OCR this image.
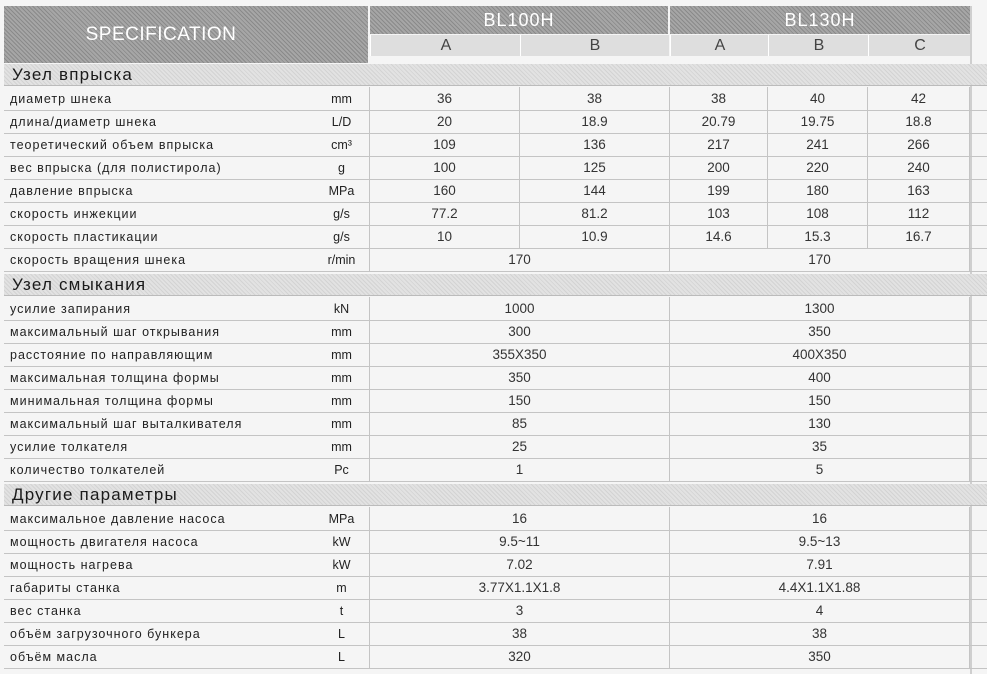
SPECIFICATION
BL100H	BL130H
A	B	A	B	C
Узел впрыска
диаметр шнека	mm	36	38	38	40	42
длина/диаметр шнека	L/D	20	18.9	20.79	19.75	18.8
теоретический объем впрыска	cm³	109	136	217	241	266
вес впрыска (для полистирола)	g	100	125	200	220	240
давление впрыска	MPa	160	144	199	180	163
скорость инжекции	g/s	77.2	81.2	103	108	112
скорость пластикации	g/s	10	10.9	14.6	15.3	16.7
скорость вращения шнека	r/min	170	170
Узел смыкания
усилие запирания	kN	1000	1300
максимальный шаг открывания	mm	300	350
расстояние по направляющим	mm	355X350	400X350
максимальная толщина формы	mm	350	400
минимальная толщина формы	mm	150	150
максимальный шаг выталкивателя	mm	85	130
усилие толкателя	mm	25	35
количество толкателей	Pc	1	5
Другие параметры
максимальное давление насоса	MPa	16	16
мощность двигателя насоса	kW	9.5~11	9.5~13
мощность нагрева	kW	7.02	7.91
габариты станка	m	3.77X1.1X1.8	4.4X1.1X1.88
вес станка	t	3	4
объём загрузочного бункера	L	38	38
объём масла	L	320	350
